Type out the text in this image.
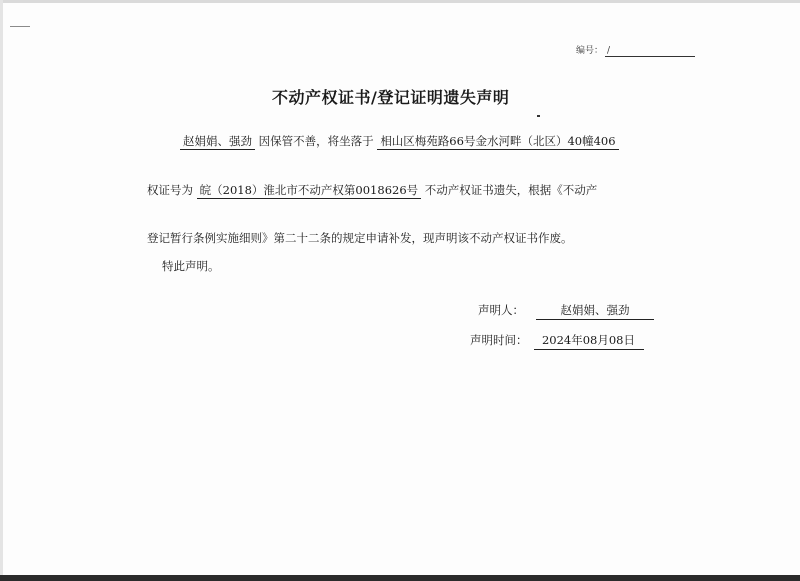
编号： /
不动产权证书/登记证明遗失声明
赵娟娟、强劲 因保管不善，将坐落于 相山区梅苑路66号金水河畔（北区）40幢406
权证号为 皖（2018）淮北市不动产权第0018626号 不动产权证书遗失，根据《不动产
登记暂行条例实施细则》第二十二条的规定申请补发，现声明该不动产权证书作废。
特此声明。
声明人：	赵娟娟、强劲
声明时间： 2024年08月08日
